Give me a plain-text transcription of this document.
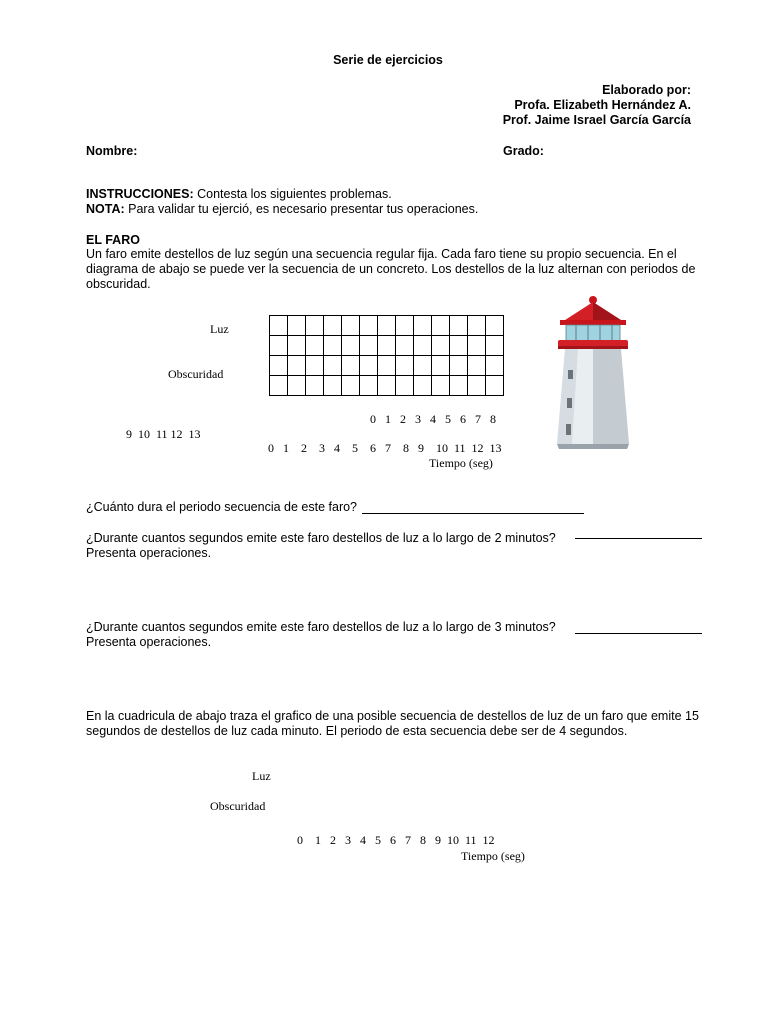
Serie de ejercicios
Elaborado por:
Profa. Elizabeth Hernández A.
Prof. Jaime Israel García García
Nombre:	Grado:
INSTRUCCIONES: Contesta los siguientes problemas.
NOTA: Para validar tu ejerció, es necesario presentar tus operaciones.
EL FARO
Un faro emite destellos de luz según una secuencia regular fija. Cada faro tiene su propio secuencia. En el diagrama de abajo se puede ver la secuencia de un concreto. Los destellos de la luz alternan con periodos de obscuridad.
Luz
Obscuridad

0   1   2   3   4   5   6   7   8
9  10  11 12  13
0   1    2    3   4    5    6   7    8   9    10  11  12  13
Tiempo (seg)
¿Cuánto dura el periodo secuencia de este faro?
¿Durante cuantos segundos emite este faro destellos de luz a lo largo de 2 minutos?
Presenta operaciones.
¿Durante cuantos segundos emite este faro destellos de luz a lo largo de 3 minutos?
Presenta operaciones.
En la cuadricula de abajo traza el grafico de una posible secuencia de destellos de luz de un faro que emite 15 segundos de destellos de luz cada minuto. El periodo de esta secuencia debe ser de 4 segundos.
Luz
Obscuridad
0    1   2   3   4   5   6   7   8   9  10  11  12
Tiempo (seg)
